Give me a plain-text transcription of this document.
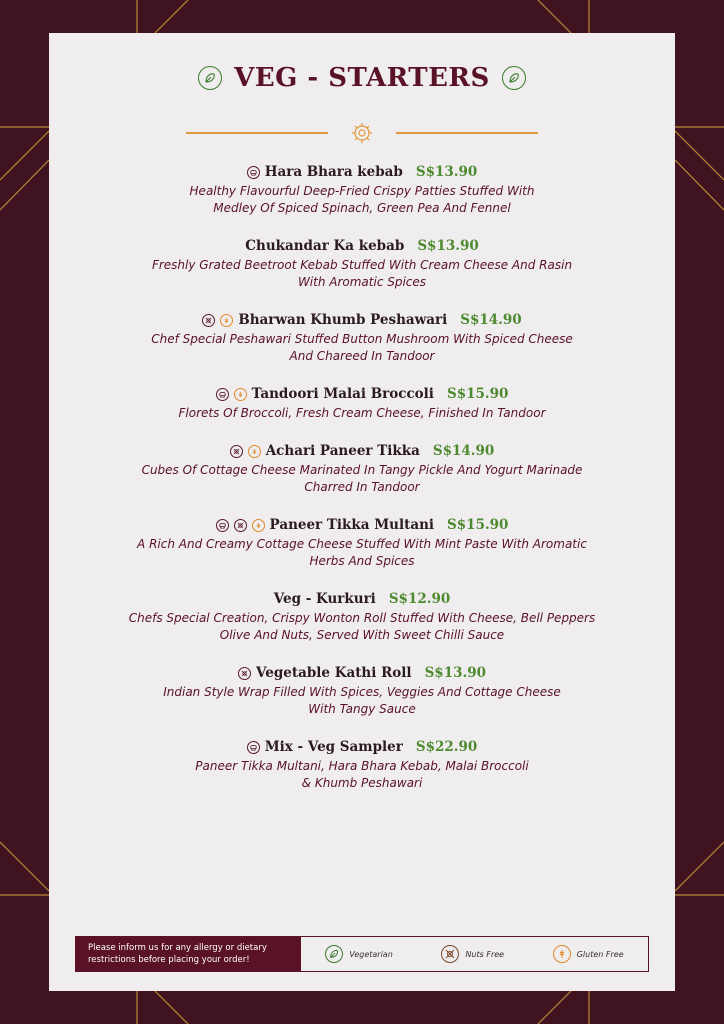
VEG - STARTERS
Hara Bhara kebab S$13.90
Healthy Flavourful Deep-Fried Crispy Patties Stuffed With
Medley Of Spiced Spinach, Green Pea And Fennel
Chukandar Ka kebab S$13.90
Freshly Grated Beetroot Kebab Stuffed With Cream Cheese And Rasin
With Aromatic Spices
Bharwan Khumb Peshawari S$14.90
Chef Special Peshawari Stuffed Button Mushroom With Spiced Cheese
And Chareed In Tandoor
Tandoori Malai Broccoli S$15.90
Florets Of Broccoli, Fresh Cream Cheese, Finished In Tandoor
Achari Paneer Tikka S$14.90
Cubes Of Cottage Cheese Marinated In Tangy Pickle And Yogurt Marinade
Charred In Tandoor
Paneer Tikka Multani S$15.90
A Rich And Creamy Cottage Cheese Stuffed With Mint Paste With Aromatic
Herbs And Spices
Veg - Kurkuri S$12.90
Chefs Special Creation, Crispy Wonton Roll Stuffed With Cheese, Bell Peppers
Olive And Nuts, Served With Sweet Chilli Sauce
Vegetable Kathi Roll S$13.90
Indian Style Wrap Filled With Spices, Veggies And Cottage Cheese
With Tangy Sauce
Mix - Veg Sampler S$22.90
Paneer Tikka Multani, Hara Bhara Kebab, Malai Broccoli
& Khumb Peshawari
Please inform us for any allergy or dietary
restrictions before placing your order!
Vegetarian	Nuts Free	Gluten Free
